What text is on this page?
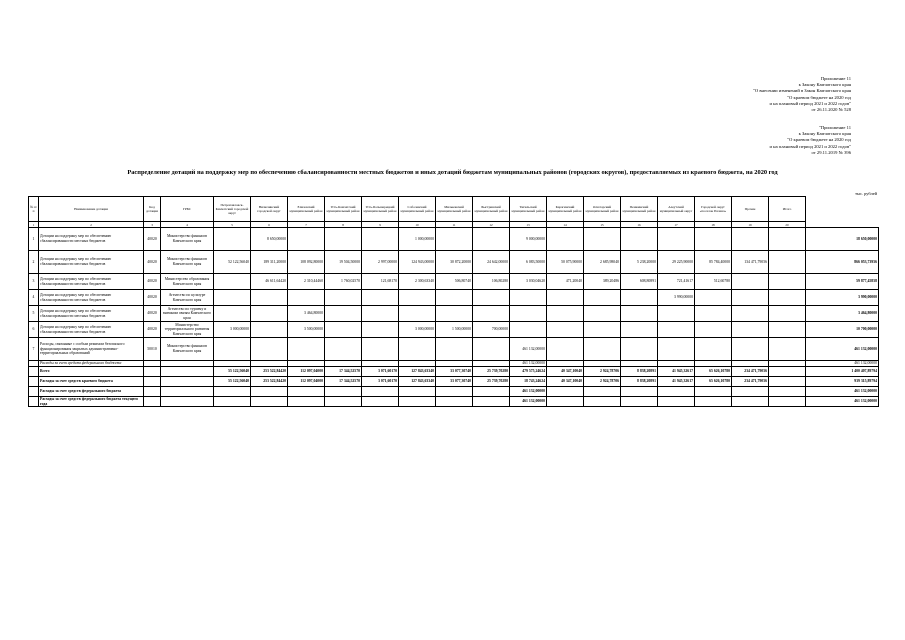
Приложение 11
к Закону Камчатского края
"О внесении изменений в Закон Камчатского края
"О краевом бюджете на 2020 год
и на плановый период 2021 и 2022 годов"
от 26.11.2020 № 528
"Приложение 11
к Закону Камчатского края
"О краевом бюджете на 2020 год
и на плановый период 2021 и 2022 годов"
от 29.11.2019 № 396
Распределение дотаций на поддержку мер по обеспечению сбалансированности местных бюджетов и иных дотаций бюджетам муниципальных районов (городских округов), предоставляемых из краевого бюджета, на 2020 год
тыс. рублей
№ п/п	Наименование дотации	Код дотации	ГРБС	Петропавловск-Камчатский городской округ	Вилючинский городской округ	Елизовский муниципальный район	Усть-Камчатский муниципальный район	Усть-Большерецкий муниципальный район	Соболевский муниципальный район	Мильковский муниципальный район	Быстринский муниципальный район	Тигильский муниципальный район	Карагинский муниципальный район	Олюторский муниципальный район	Пенжинский муниципальный район	Алеутский муниципальный округ	Городской округ «поселок Палана»	Прочие	Итого	
1	2	3	4	5	6	7	8	9	10	11	12	13	14	15	16	17	18	19	20	
1	Дотации на поддержку мер по обеспечению сбалансированности местных бюджетов	40020	Министерство финансов Камчатского края		8 650,00000				1 000,00000			9 000,00000								18 650,00000
2	Дотации на поддержку мер по обеспечению сбалансированности местных бюджетов	40020	Министерство финансов Камчатского края	52 122,56040	189 311,20000	108 092,80000	19 504,50000	2 997,00000	124 943,00000	30 872,20000	24 642,00000	6 083,50000	50 075,90000	2 685,98040	5 238,20000	29 225,90000	85 784,40000	134 471,79056		866 053,73956
3	Дотации на поддержку мер по обеспечению сбалансированности местных бюджетов	40020	Министерство образования Камчатского края		46 611,64420	2 310,44460	1 760,02570	121,68170	2 300,63340	506,80740	106,80280	3 030,04620	471,20040	389,20486	608,80891	721,41617	512,60780			59 877,45858
4	Дотации на поддержку мер по обеспечению сбалансированности местных бюджетов	40020	Агентство по культуре Камчатского края													3 990,00000				3 990,00000
5	Дотации на поддержку мер по обеспечению сбалансированности местных бюджетов	40020	Агентство по туризму и внешним связям Камчатского края			3 464,80000														3 464,80000
6	Дотации на поддержку мер по обеспечению сбалансированности местных бюджетов	40020	Министерство территориального развития Камчатского края	3 000,00000		3 500,00000			3 000,00000	1 500,00000	700,00000									10 700,00000
7	Расходы, связанные с особым режимом безопасного функционирования закрытых административно-территориальных образований	50010	Министерство финансов Камчатского края									461 132,00000								461 132,00000
	Расходы за счет средств федерального бюджета											461 132,00000								461 132,00000
	Всего			55 122,56040	253 522,84420	112 097,04000	17 344,52570	3 071,60170	127 843,63340	33 077,30740	25 739,70280	479 575,24624	40 347,10040	2 924,78706	8 838,20891	41 945,32617	65 626,10780	234 471,79056		1 400 407,89794
	Расходы за счет средств краевого бюджета			55 122,56040	253 522,84420	112 097,04000	17 344,52570	3 071,60170	127 843,63340	33 077,30740	25 739,70280	18 743,24624	40 347,10040	2 924,78706	8 838,20891	41 945,32617	65 626,10780	234 471,79056		939 315,89794
	Расходы за счет средств федерального бюджета											461 132,00000								461 132,00000
	Расходы за счет средств федерального бюджета текущего года											461 132,00000								461 132,00000
